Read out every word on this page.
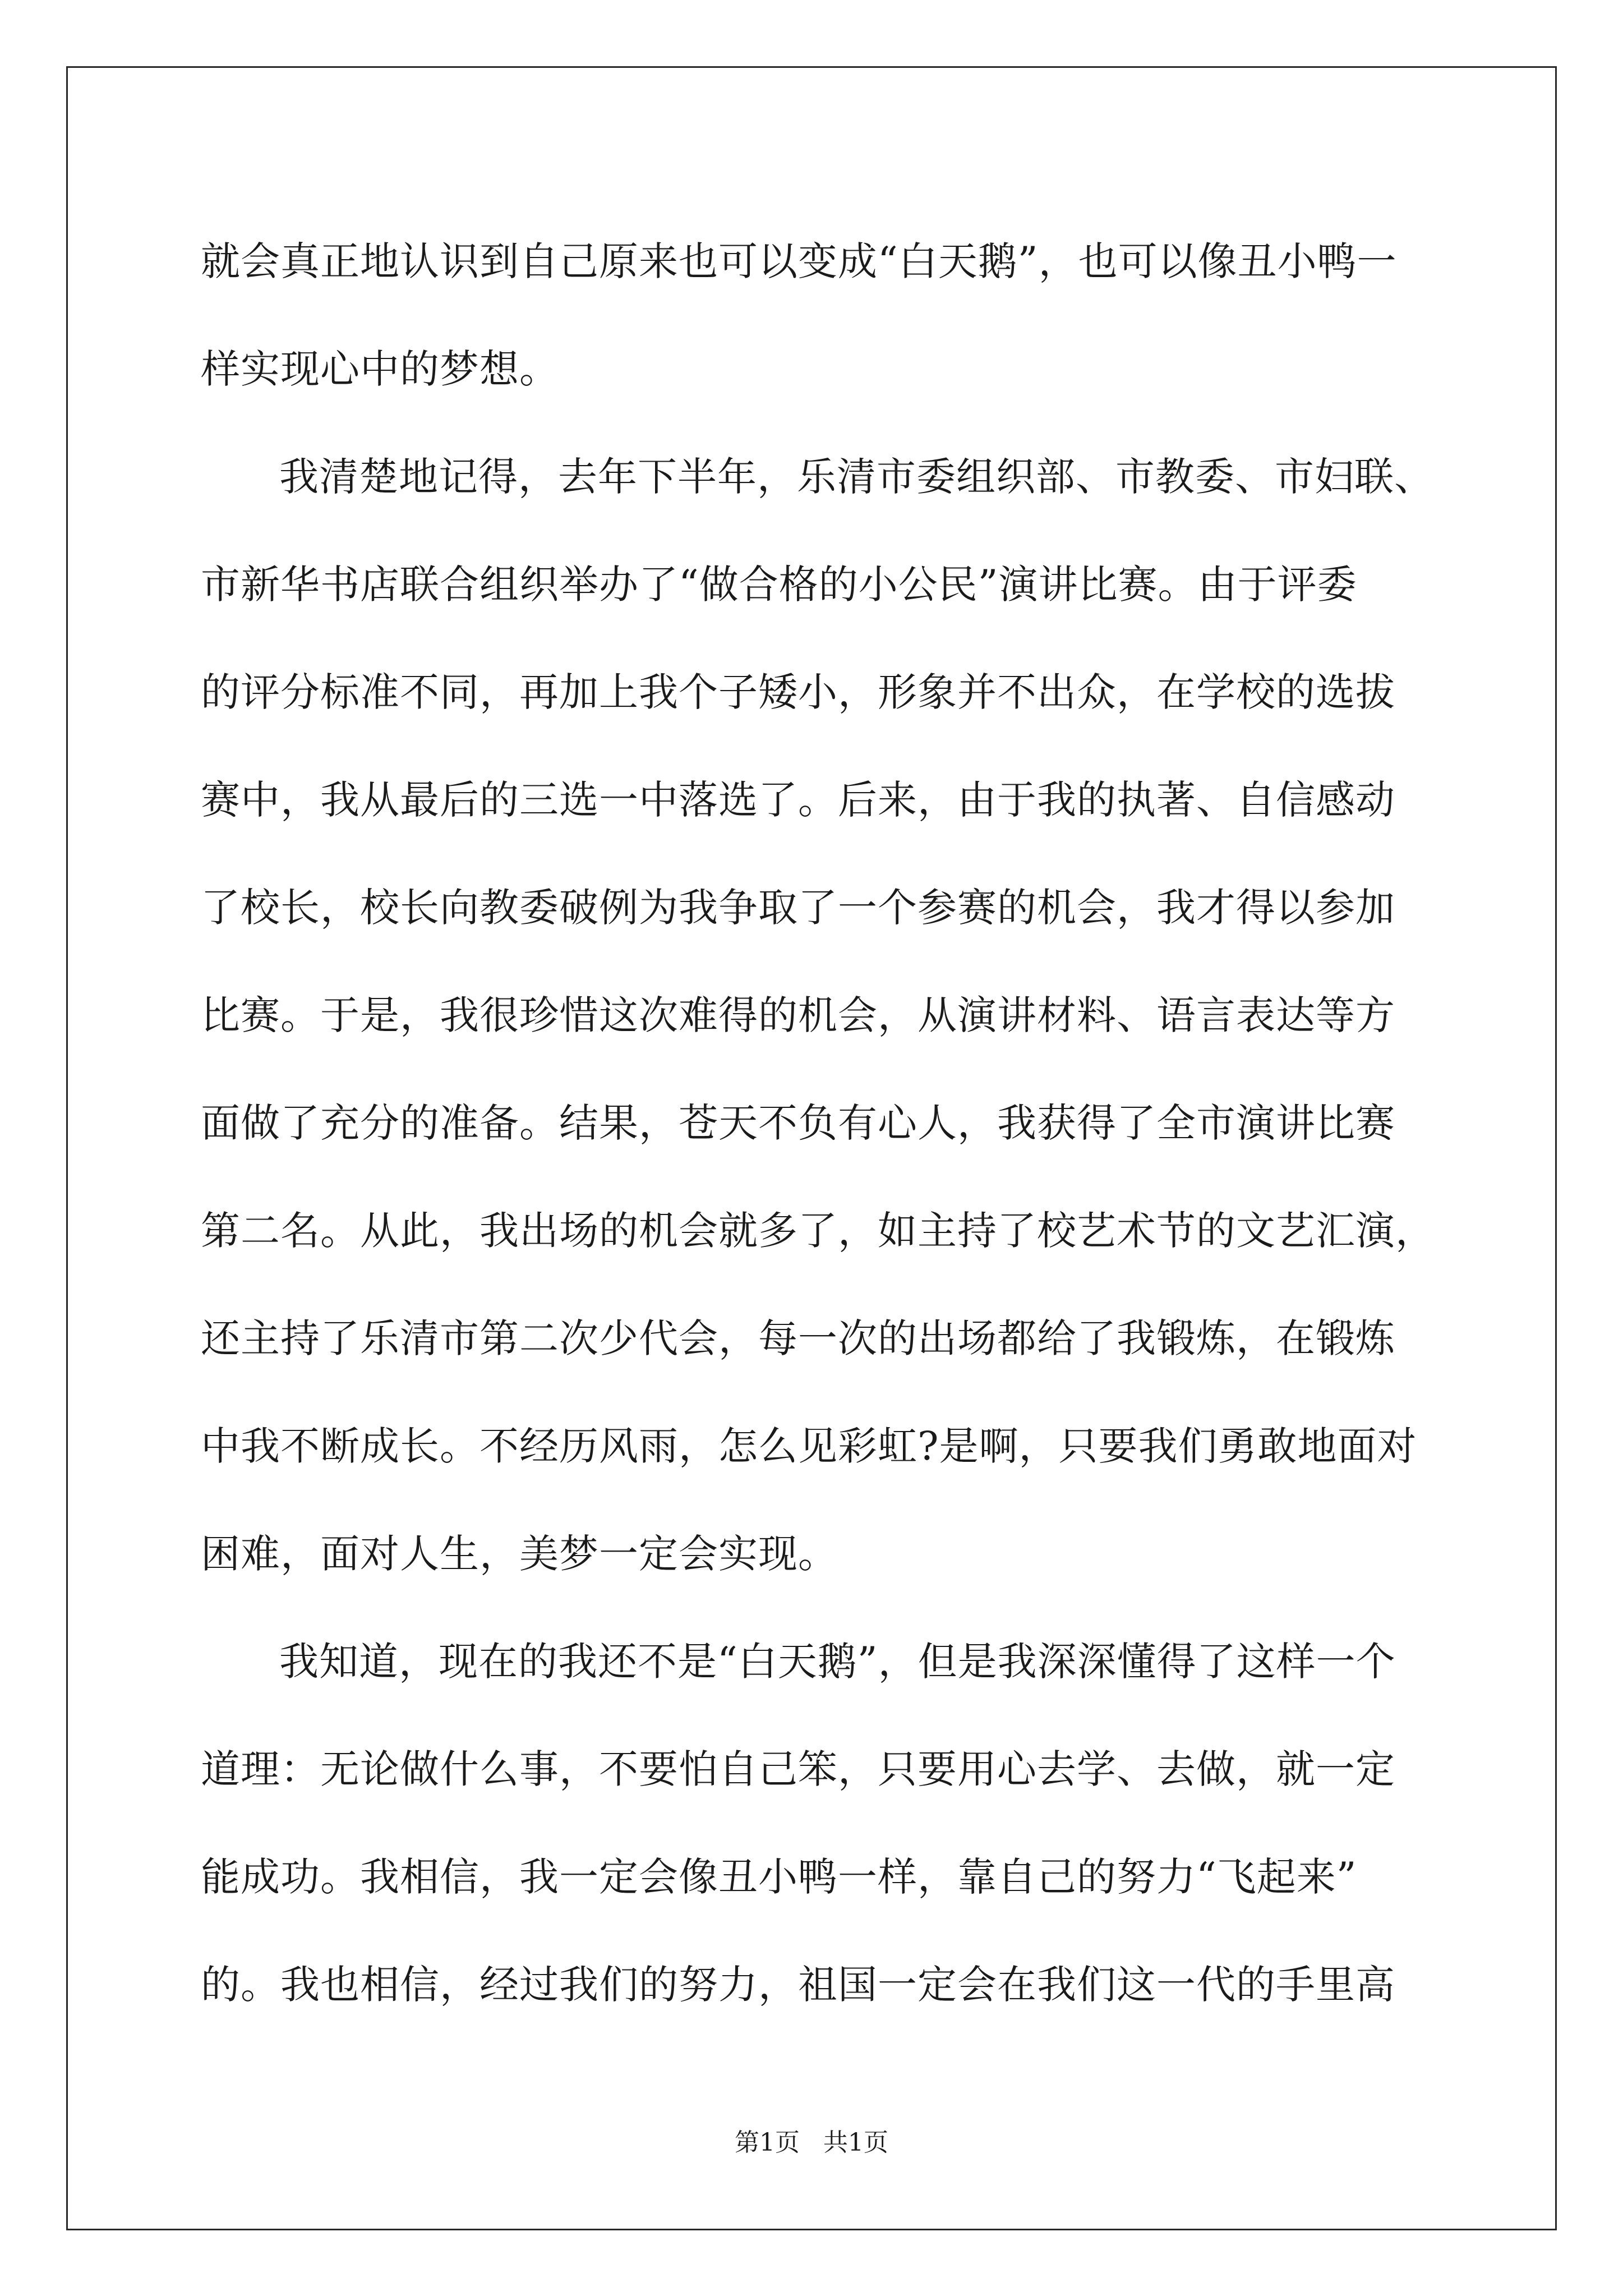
就会真正地认识到自己原来也可以变成“白天鹅”，也可以像丑小鸭一
样实现心中的梦想。
我清楚地记得，去年下半年，乐清市委组织部、市教委、市妇联、
市新华书店联合组织举办了“做合格的小公民”演讲比赛。由于评委
的评分标准不同，再加上我个子矮小，形象并不出众，在学校的选拔
赛中，我从最后的三选一中落选了。后来，由于我的执著、自信感动
了校长，校长向教委破例为我争取了一个参赛的机会，我才得以参加
比赛。于是，我很珍惜这次难得的机会，从演讲材料、语言表达等方
面做了充分的准备。结果，苍天不负有心人，我获得了全市演讲比赛
第二名。从此，我出场的机会就多了，如主持了校艺术节的文艺汇演，
还主持了乐清市第二次少代会，每一次的出场都给了我锻炼，在锻炼
中我不断成长。不经历风雨，怎么见彩虹?是啊，只要我们勇敢地面对
困难，面对人生，美梦一定会实现。
我知道，现在的我还不是“白天鹅”，但是我深深懂得了这样一个
道理：无论做什么事，不要怕自己笨，只要用心去学、去做，就一定
能成功。我相信，我一定会像丑小鸭一样，靠自己的努力“飞起来”
的。我也相信，经过我们的努力，祖国一定会在我们这一代的手里高
第1页   共1页
